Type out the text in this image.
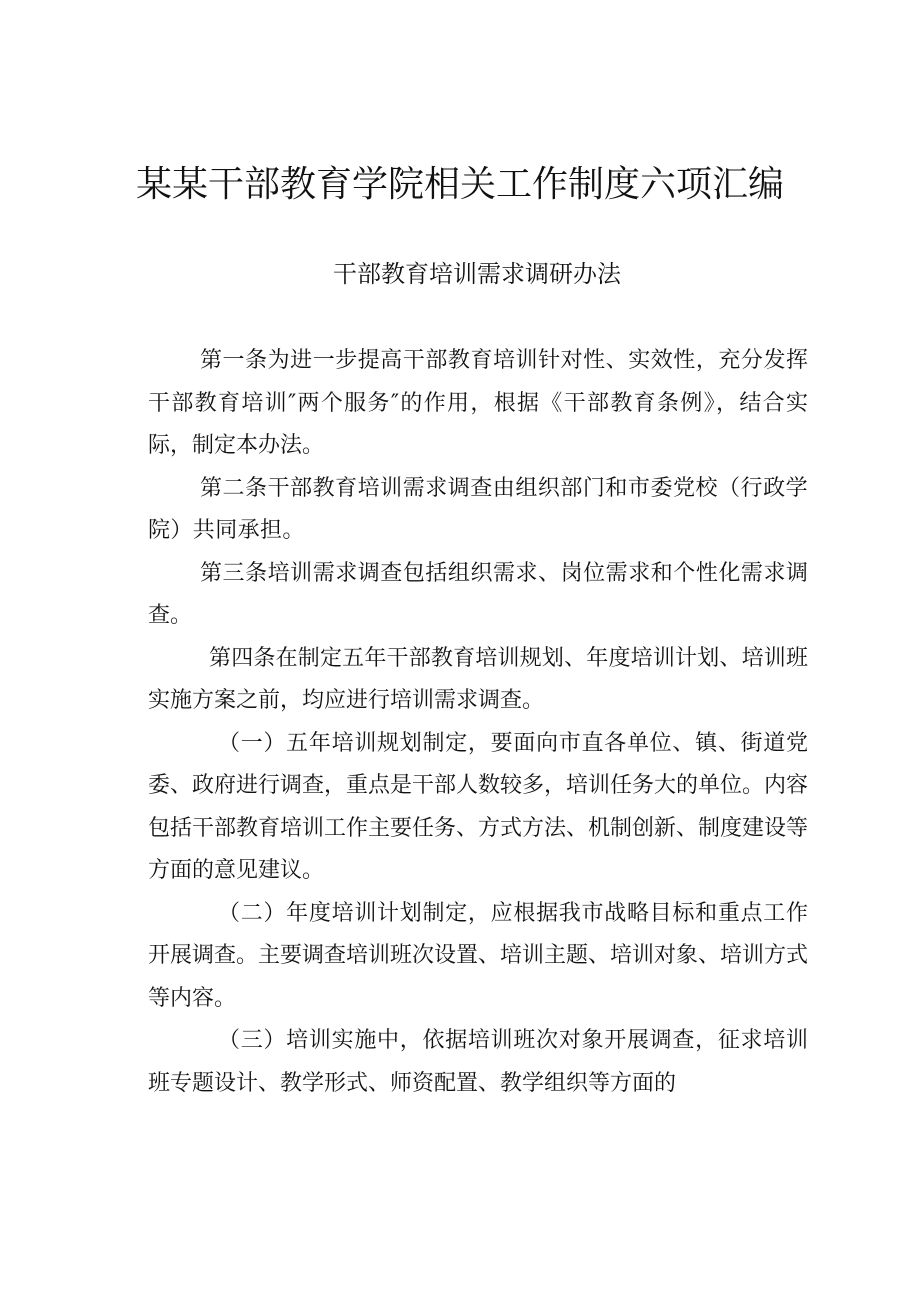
某某干部教育学院相关工作制度六项汇编
干部教育培训需求调研办法

第一条为进一步提高干部教育培训针对性、实效性，充分发挥干部教育培训″两个服务″的作用，根据《干部教育条例》，结合实际，制定本办法。

第二条干部教育培训需求调查由组织部门和市委党校（行政学院）共同承担。

第三条培训需求调查包括组织需求、岗位需求和个性化需求调查。

第四条在制定五年干部教育培训规划、年度培训计划、培训班实施方案之前，均应进行培训需求调查。

（一）五年培训规划制定，要面向市直各单位、镇、街道党委、政府进行调查，重点是干部人数较多，培训任务大的单位。内容包括干部教育培训工作主要任务、方式方法、机制创新、制度建设等方面的意见建议。

（二）年度培训计划制定，应根据我市战略目标和重点工作开展调查。主要调查培训班次设置、培训主题、培训对象、培训方式等内容。

（三）培训实施中，依据培训班次对象开展调查，征求培训班专题设计、教学形式、师资配置、教学组织等方面的
